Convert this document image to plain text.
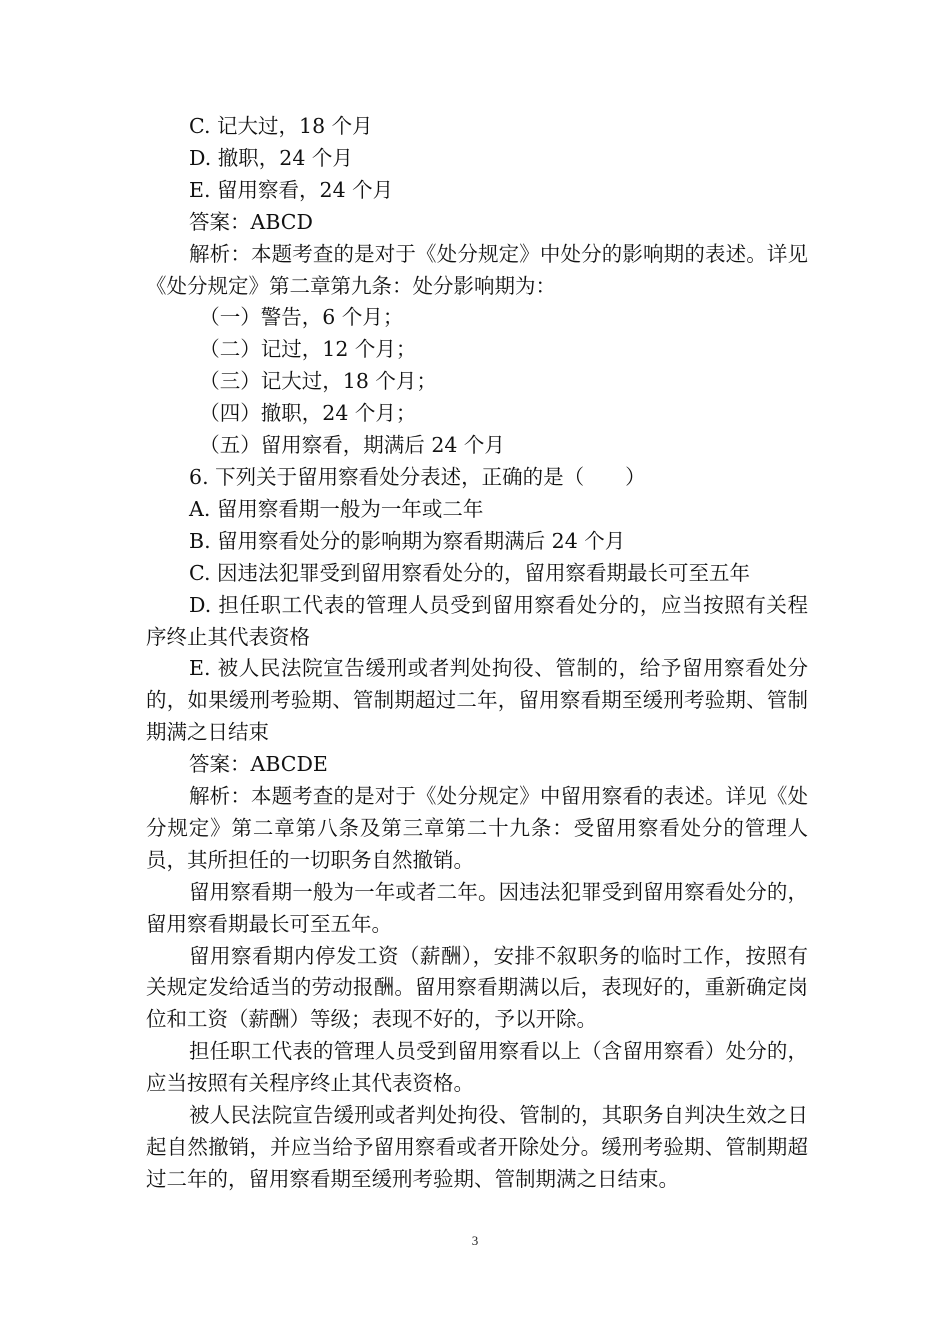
C. 记大过，18 个月

D. 撤职，24 个月

E. 留用察看，24 个月

答案：ABCD

解析：本题考查的是对于《处分规定》中处分的影响期的表述。详见《处分规定》第二章第九条：处分影响期为：

（一）警告，6 个月；

（二）记过，12 个月；

（三）记大过，18 个月；

（四）撤职，24 个月；

（五）留用察看，期满后 24 个月

6. 下列关于留用察看处分表述，正确的是（　　）

A. 留用察看期一般为一年或二年

B. 留用察看处分的影响期为察看期满后 24 个月

C. 因违法犯罪受到留用察看处分的，留用察看期最长可至五年

D. 担任职工代表的管理人员受到留用察看处分的，应当按照有关程序终止其代表资格

E. 被人民法院宣告缓刑或者判处拘役、管制的，给予留用察看处分的，如果缓刑考验期、管制期超过二年，留用察看期至缓刑考验期、管制期满之日结束

答案：ABCDE

解析：本题考查的是对于《处分规定》中留用察看的表述。详见《处分规定》第二章第八条及第三章第二十九条：受留用察看处分的管理人员，其所担任的一切职务自然撤销。

留用察看期一般为一年或者二年。因违法犯罪受到留用察看处分的，留用察看期最长可至五年。

留用察看期内停发工资（薪酬），安排不叙职务的临时工作，按照有关规定发给适当的劳动报酬。留用察看期满以后，表现好的，重新确定岗位和工资（薪酬）等级；表现不好的，予以开除。

担任职工代表的管理人员受到留用察看以上（含留用察看）处分的，应当按照有关程序终止其代表资格。

被人民法院宣告缓刑或者判处拘役、管制的，其职务自判决生效之日起自然撤销，并应当给予留用察看或者开除处分。缓刑考验期、管制期超过二年的，留用察看期至缓刑考验期、管制期满之日结束。

3
